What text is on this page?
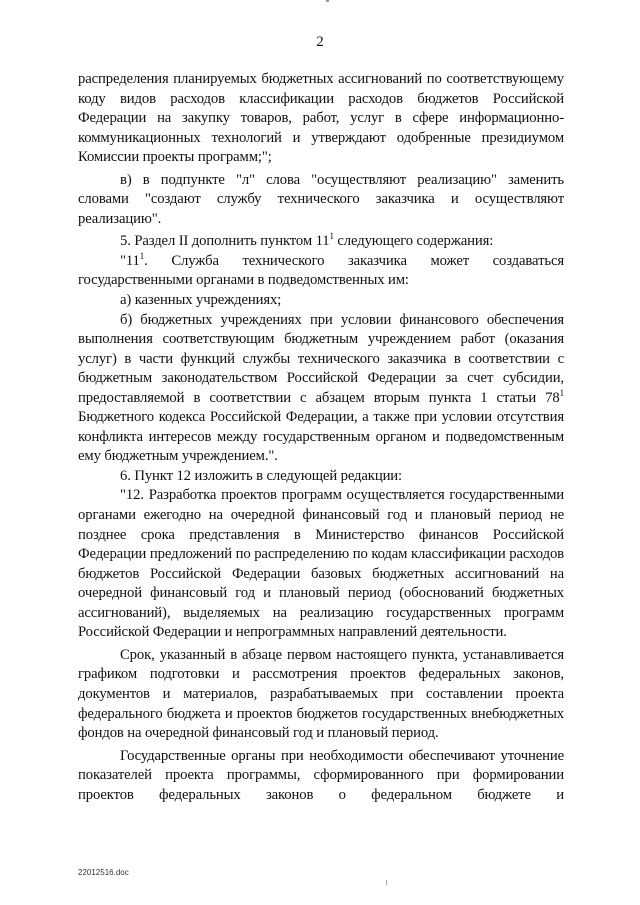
2

распределения планируемых бюджетных ассигнований по соответствующему коду видов расходов классификации расходов бюджетов Российской Федерации на закупку товаров, работ, услуг в сфере информационно-коммуникационных технологий и утверждают одобренные президиумом Комиссии проекты программ;";

в) в подпункте "л" слова "осуществляют реализацию" заменить словами "создают службу технического заказчика и осуществляют реализацию".

5. Раздел II дополнить пунктом $11^1$ следующего содержания:

"$11^1$. Служба технического заказчика может создаваться государственными органами в подведомственных им:

а) казенных учреждениях;

б) бюджетных учреждениях при условии финансового обеспечения выполнения соответствующим бюджетным учреждением работ (оказания услуг) в части функций службы технического заказчика в соответствии с бюджетным законодательством Российской Федерации за счет субсидии, предоставляемой в соответствии с абзацем вторым пункта 1 статьи $78^1$ Бюджетного кодекса Российской Федерации, а также при условии отсутствия конфликта интересов между государственным органом и подведомственным ему бюджетным учреждением.".

6. Пункт 12 изложить в следующей редакции:

"12. Разработка проектов программ осуществляется государственными органами ежегодно на очередной финансовый год и плановый период не позднее срока представления в Министерство финансов Российской Федерации предложений по распределению по кодам классификации расходов бюджетов Российской Федерации базовых бюджетных ассигнований на очередной финансовый год и плановый период (обоснований бюджетных ассигнований), выделяемых на реализацию государственных программ Российской Федерации и непрограммных направлений деятельности.

Срок, указанный в абзаце первом настоящего пункта, устанавливается графиком подготовки и рассмотрения проектов федеральных законов, документов и материалов, разрабатываемых при составлении проекта федерального бюджета и проектов бюджетов государственных внебюджетных фондов на очередной финансовый год и плановый период.

Государственные органы при необходимости обеспечивают уточнение показателей проекта программы, сформированного при формировании проектов федеральных законов о федеральном бюджете и

22012516.doc
